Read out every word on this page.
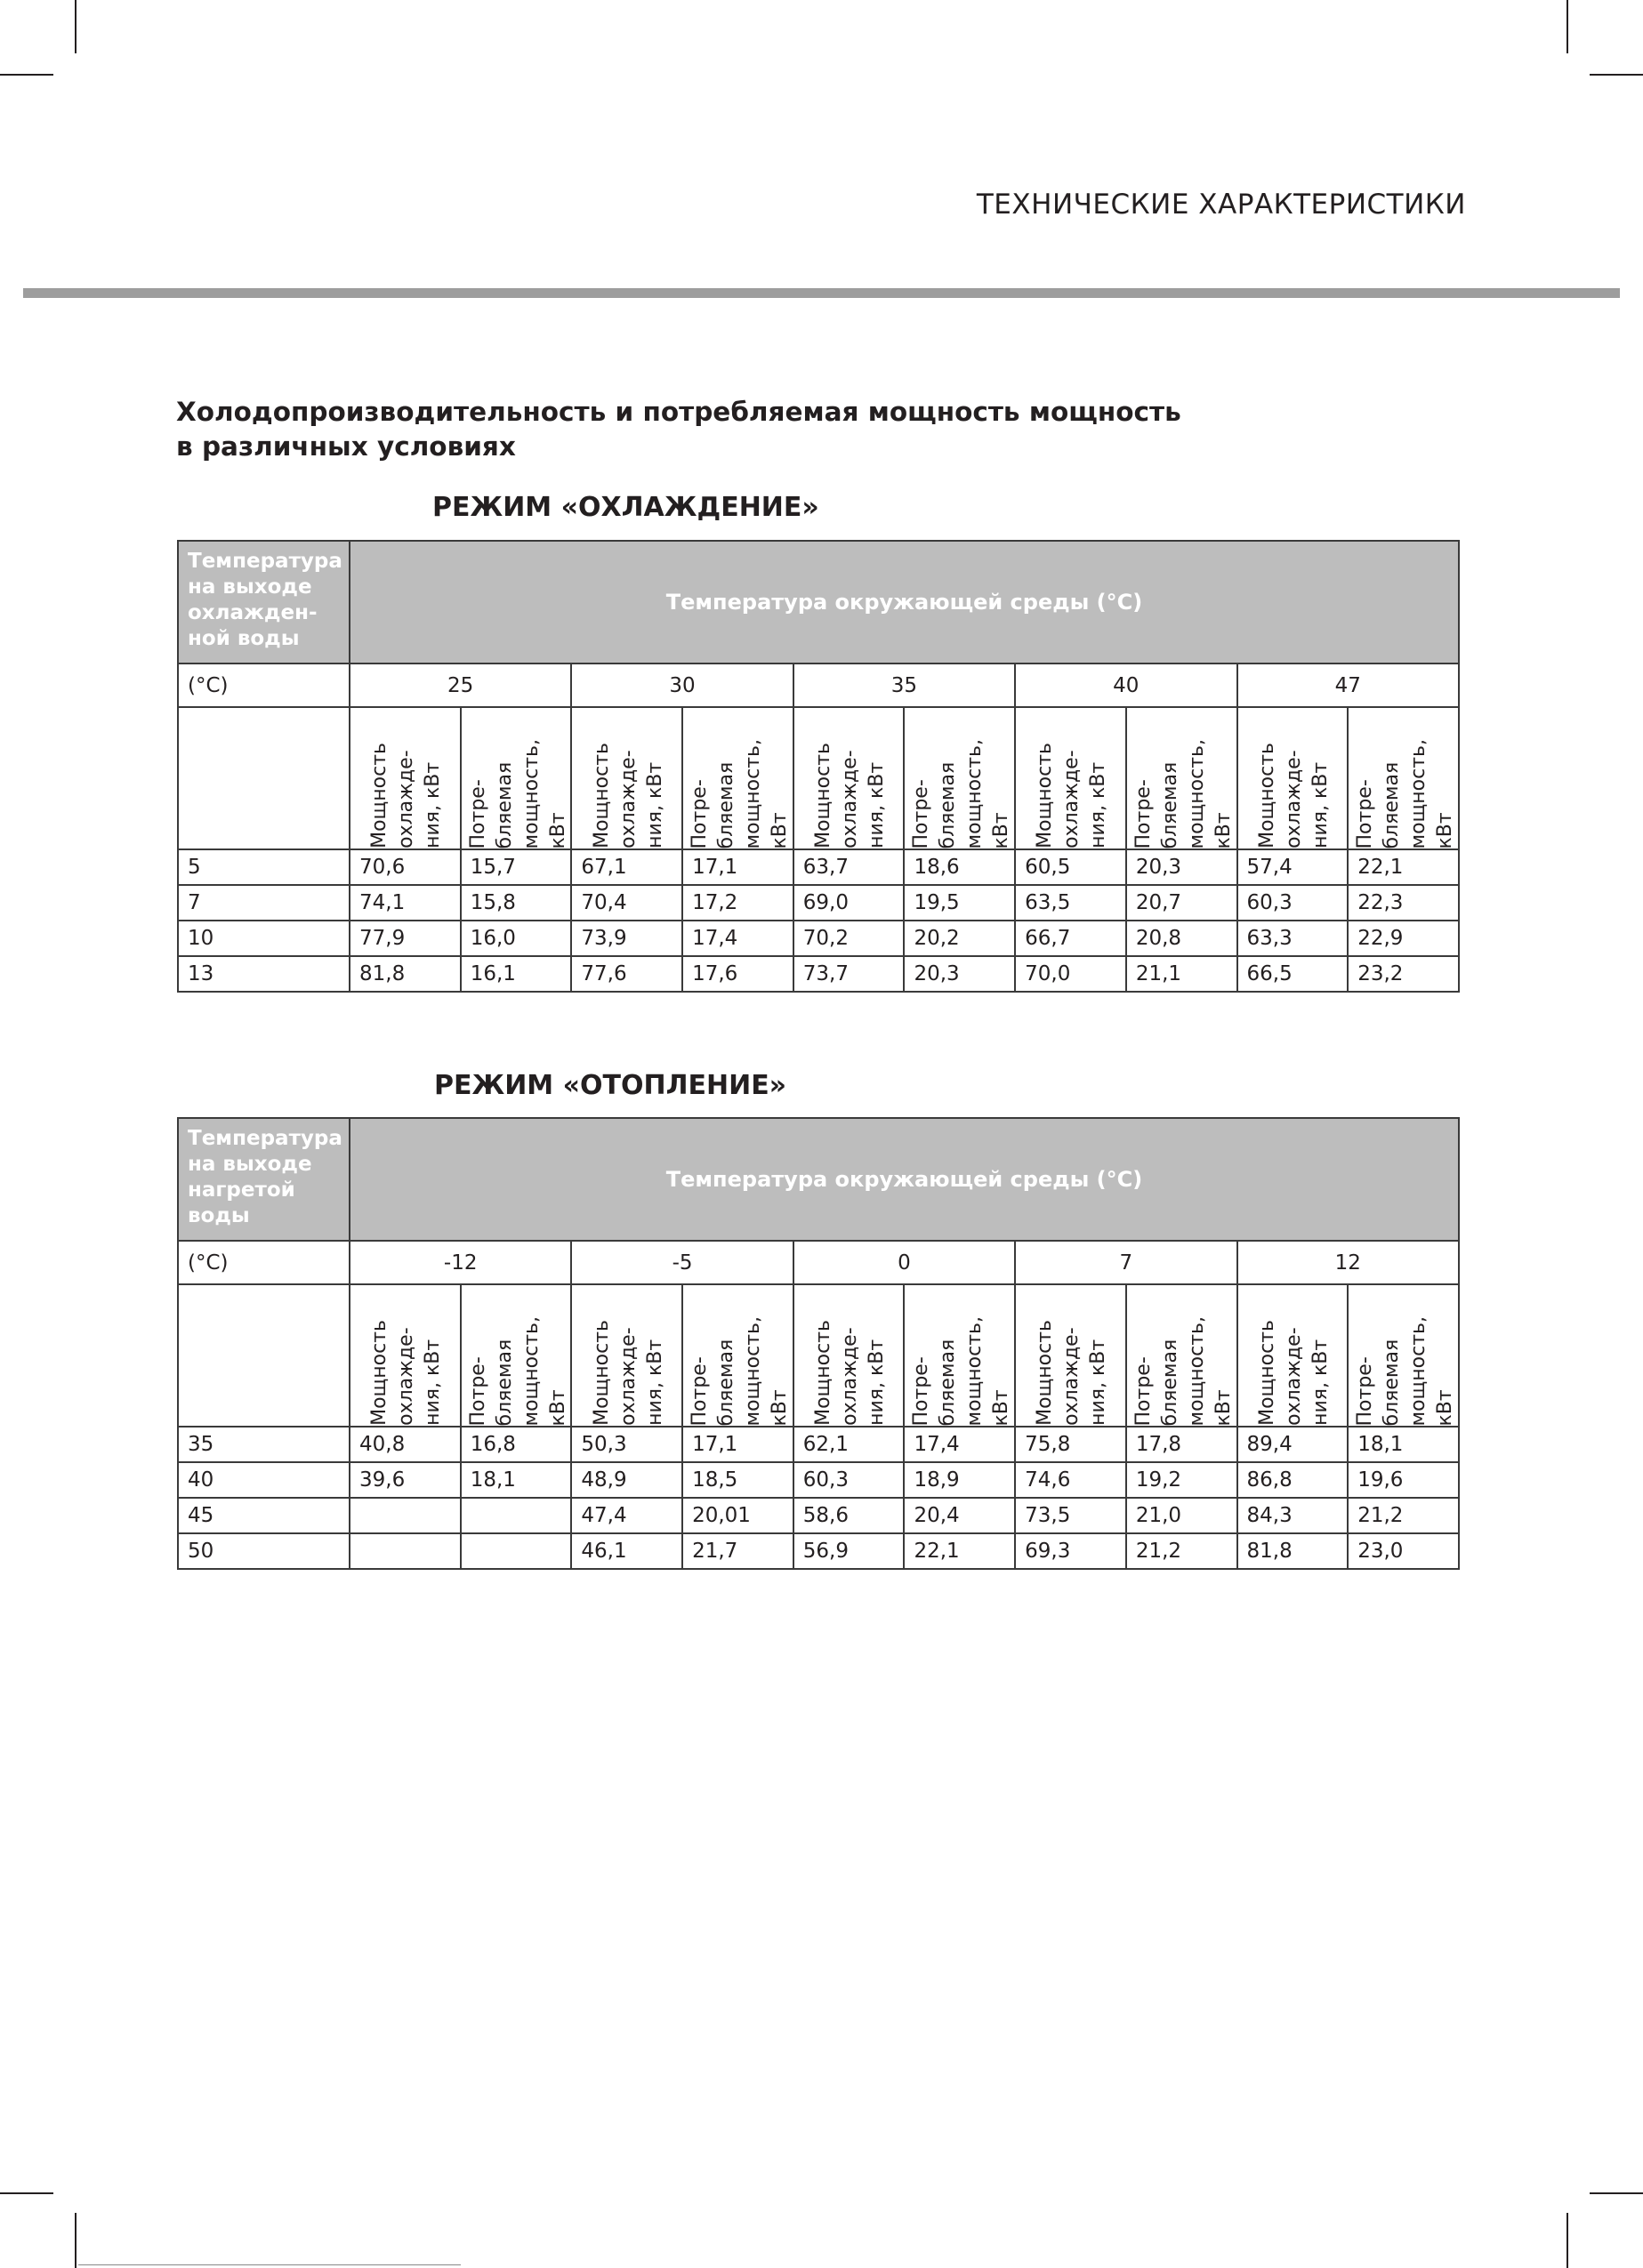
ТЕХНИЧЕСКИЕ ХАРАКТЕРИСТИКИ
Холодопроизводительность и потребляемая мощность мощность
в различных условиях
РЕЖИМ «ОХЛАЖДЕНИЕ»
Температура
на выходе
охлажден-
ной воды	Температура окружающей среды (°С)									
(°С)	25		30		35		40		47	

	Мощность
охлажде-
ния, кВт	Потре-
бляемая
мощность,
кВт	Мощность
охлажде-
ния, кВт	Потре-
бляемая
мощность,
кВт	Мощность
охлажде-
ния, кВт	Потре-
бляемая
мощность,
кВт	Мощность
охлажде-
ния, кВт	Потре-
бляемая
мощность,
кВт	Мощность
охлажде-
ния, кВт	Потре-
бляемая
мощность,
кВт

5	70,6	15,7	67,1	17,1	63,7	18,6	60,5	20,3	57,4	22,1
7	74,1	15,8	70,4	17,2	69,0	19,5	63,5	20,7	60,3	22,3
10	77,9	16,0	73,9	17,4	70,2	20,2	66,7	20,8	63,3	22,9
13	81,8	16,1	77,6	17,6	73,7	20,3	70,0	21,1	66,5	23,2
РЕЖИМ «ОТОПЛЕНИЕ»
Температура
на выходе
нагретой
воды	Температура окружающей среды (°С)									
(°С)	-12		-5		0		7		12	

	Мощность
охлажде-
ния, кВт	Потре-
бляемая
мощность,
кВт	Мощность
охлажде-
ния, кВт	Потре-
бляемая
мощность,
кВт	Мощность
охлажде-
ния, кВт	Потре-
бляемая
мощность,
кВт	Мощность
охлажде-
ния, кВт	Потре-
бляемая
мощность,
кВт	Мощность
охлажде-
ния, кВт	Потре-
бляемая
мощность,
кВт

35	40,8	16,8	50,3	17,1	62,1	17,4	75,8	17,8	89,4	18,1
40	39,6	18,1	48,9	18,5	60,3	18,9	74,6	19,2	86,8	19,6
45			47,4	20,01	58,6	20,4	73,5	21,0	84,3	21,2
50			46,1	21,7	56,9	22,1	69,3	21,2	81,8	23,0
